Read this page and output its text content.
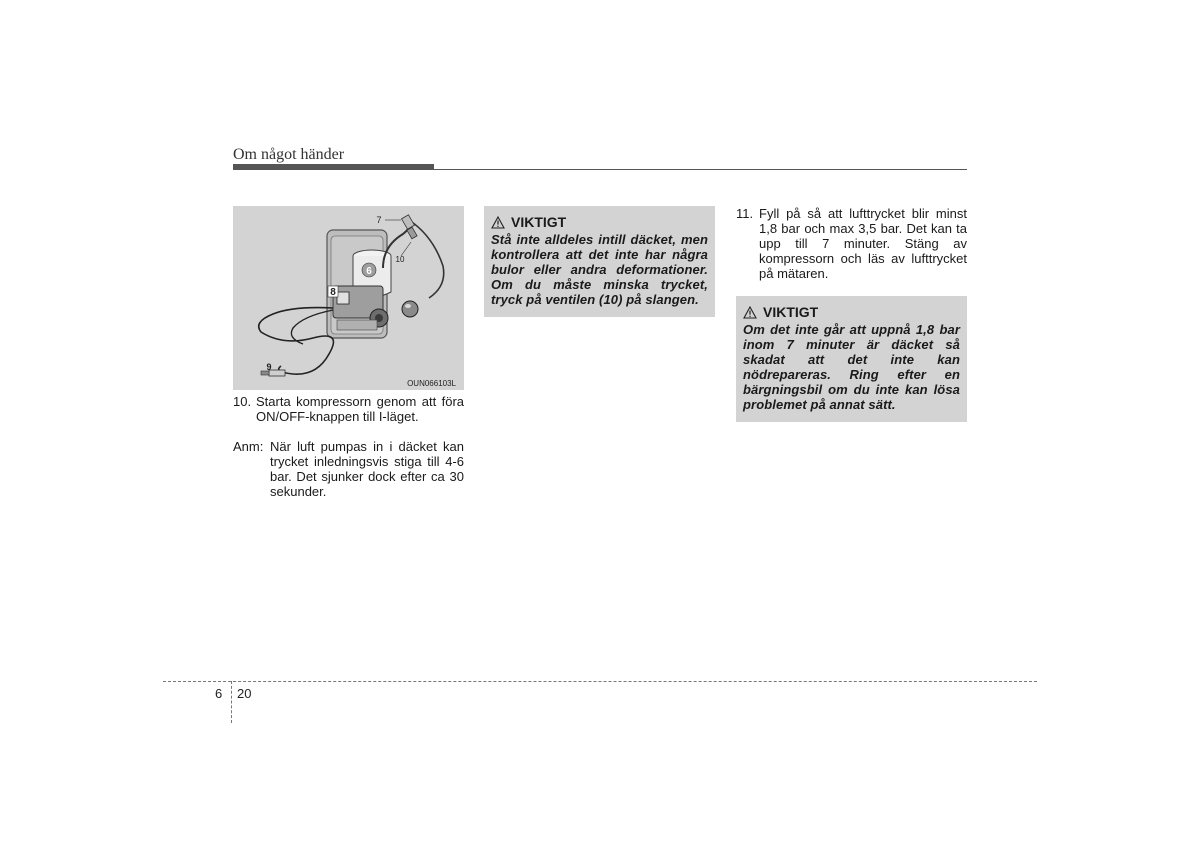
Om något händer
6
7
8
9
10
OUN066103L
10. Starta kompressorn genom att föra ON/OFF-knappen till I-läget.
Anm: När luft pumpas in i däcket kan trycket inledningsvis stiga till 4-6 bar. Det sjunker dock efter ca 30 sekunder.
VIKTIGT
Stå inte alldeles intill däcket, men kontrollera att det inte har några bulor eller andra deformationer. Om du måste minska trycket, tryck på ventilen (10) på slangen.
11. Fyll på så att lufttrycket blir minst 1,8 bar och max 3,5 bar. Det kan ta upp till 7 minuter. Stäng av kompressorn och läs av lufttrycket på mätaren.
VIKTIGT
Om det inte går att uppnå 1,8 bar inom 7 minuter är däcket så skadat att det inte kan nödrepareras. Ring efter en bärgningsbil om du inte kan lösa problemet på annat sätt.
6 20
